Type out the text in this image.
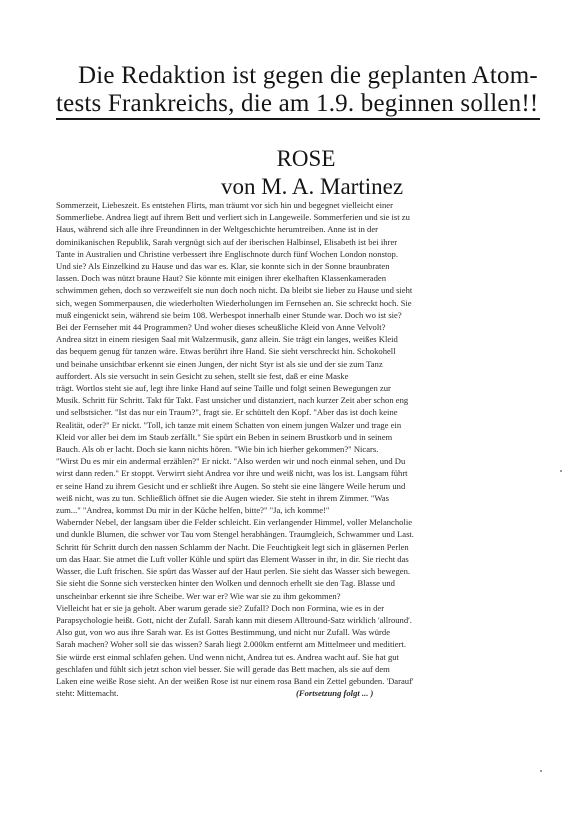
Die Redaktion ist gegen die geplanten Atom-
tests Frankreichs, die am 1.9. beginnen sollen!!
ROSE
von M. A. Martinez
Sommerzeit, Liebeszeit. Es entstehen Flirts, man träumt vor sich hin und begegnet vielleicht einer
Sommerliebe. Andrea liegt auf ihrem Bett und verliert sich in Langeweile. Sommerferien und sie ist zu
Haus, während sich alle ihre Freundinnen in der Weltgeschichte herumtreiben. Anne ist in der
dominikanischen Republik, Sarah vergnügt sich auf der iberischen Halbinsel, Elisabeth ist bei ihrer
Tante in Australien und Christine verbessert ihre Englischnote durch fünf Wochen London nonstop.
Und sie? Als Einzelkind zu Hause und das war es. Klar, sie konnte sich in der Sonne braunbraten
lassen. Doch was nützt braune Haut? Sie könnte mit einigen ihrer ekelhaften Klassenkameraden
schwimmen gehen, doch so verzweifelt sie nun doch noch nicht. Da bleibt sie lieber zu Hause und sieht
sich, wegen Sommerpausen, die wiederholten Wiederholungen im Fernsehen an. Sie schreckt hoch. Sie
muß eingenickt sein, während sie beim 108. Werbespot innerhalb einer Stunde war. Doch wo ist sie?
Bei der Fernseher mit 44 Programmen? Und woher dieses scheußliche Kleid von Anne Velvolt?
Andrea sitzt in einem riesigen Saal mit Walzermusik, ganz allein. Sie trägt ein langes, weißes Kleid
das bequem genug für tanzen wäre. Etwas berührt ihre Hand. Sie sieht verschreckt hin. Schokohell
und beinahe unsichtbar erkennt sie einen Jungen, der nicht Styr ist als sie und der sie zum Tanz
auffordert. Als sie versucht in sein Gesicht zu sehen, stellt sie fest, daß er eine Maske
trägt. Wortlos steht sie auf, legt ihre linke Hand auf seine Taille und folgt seinen Bewegungen zur
Musik. Schritt für Schritt. Takt für Takt. Fast unsicher und distanziert, nach kurzer Zeit aber schon eng
und selbstsicher. "Ist das nur ein Traum?", fragt sie. Er schüttelt den Kopf. "Aber das ist doch keine
Realität, oder?" Er nickt. "Toll, ich tanze mit einem Schatten von einem jungen Walzer und trage ein
Kleid vor aller bei dem im Staub zerfällt." Sie spürt ein Beben in seinem Brustkorb und in seinem
Bauch. Als ob er lacht. Doch sie kann nichts hören. "Wie bin ich hierher gekommen?" Nicars.
"Wirst Du es mir ein andermal erzählen?" Er nickt. "Also werden wir und noch einmal sehen, und Du
wirst dann reden." Er stoppt. Verwirrt sieht Andrea vor ihre und weiß nicht, was los ist. Langsam führt
er seine Hand zu ihrem Gesicht und er schließt ihre Augen. So steht sie eine längere Weile herum und
weiß nicht, was zu tun. Schließlich öffnet sie die Augen wieder. Sie steht in ihrem Zimmer. "Was
zum..." "Andrea, kommst Du mir in der Küche helfen, bitte?" "Ja, ich komme!"
Wabernder Nebel, der langsam über die Felder schleicht. Ein verlangender Himmel, voller Melancholie
und dunkle Blumen, die schwer vor Tau vom Stengel herabhängen. Traumgleich, Schwammer und Last.
Schritt für Schritt durch den nassen Schlamm der Nacht. Die Feuchtigkeit legt sich in gläsernen Perlen
um das Haar. Sie atmet die Luft voller Kühle und spürt das Element Wasser in ihr, in dir. Sie riecht das
Wasser, die Luft frischen. Sie spürt das Wasser auf der Haut perlen. Sie sieht das Wasser sich bewegen.
Sie sieht die Sonne sich verstecken hinter den Wolken und dennoch erhellt sie den Tag. Blasse und
unscheinbar erkennt sie ihre Scheibe. Wer war er? Wie war sie zu ihm gekommen?
Vielleicht hat er sie ja geholt. Aber warum gerade sie? Zufall? Doch non Formina, wie es in der
Parapsychologie heißt. Gott, nicht der Zufall. Sarah kann mit diesem Alltround-Satz wirklich 'allround'.
Also gut, von wo aus ihre Sarah war. Es ist Gottes Bestimmung, und nicht nur Zufall. Was würde
Sarah machen? Woher soll sie das wissen? Sarah liegt 2.000km entfernt am Mittelmeer und meditiert.
Sie würde erst einmal schlafen gehen. Und wenn nicht, Andrea tut es. Andrea wacht auf. Sie hat gut
geschlafen und fühlt sich jetzt schon viel besser. Sie will gerade das Bett machen, als sie auf dem
Laken eine weiße Rose sieht. An der weißen Rose ist nur einem rosa Band ein Zettel gebunden. 'Darauf'
steht: Mittemacht.	(Fortsetzung folgt ... )
